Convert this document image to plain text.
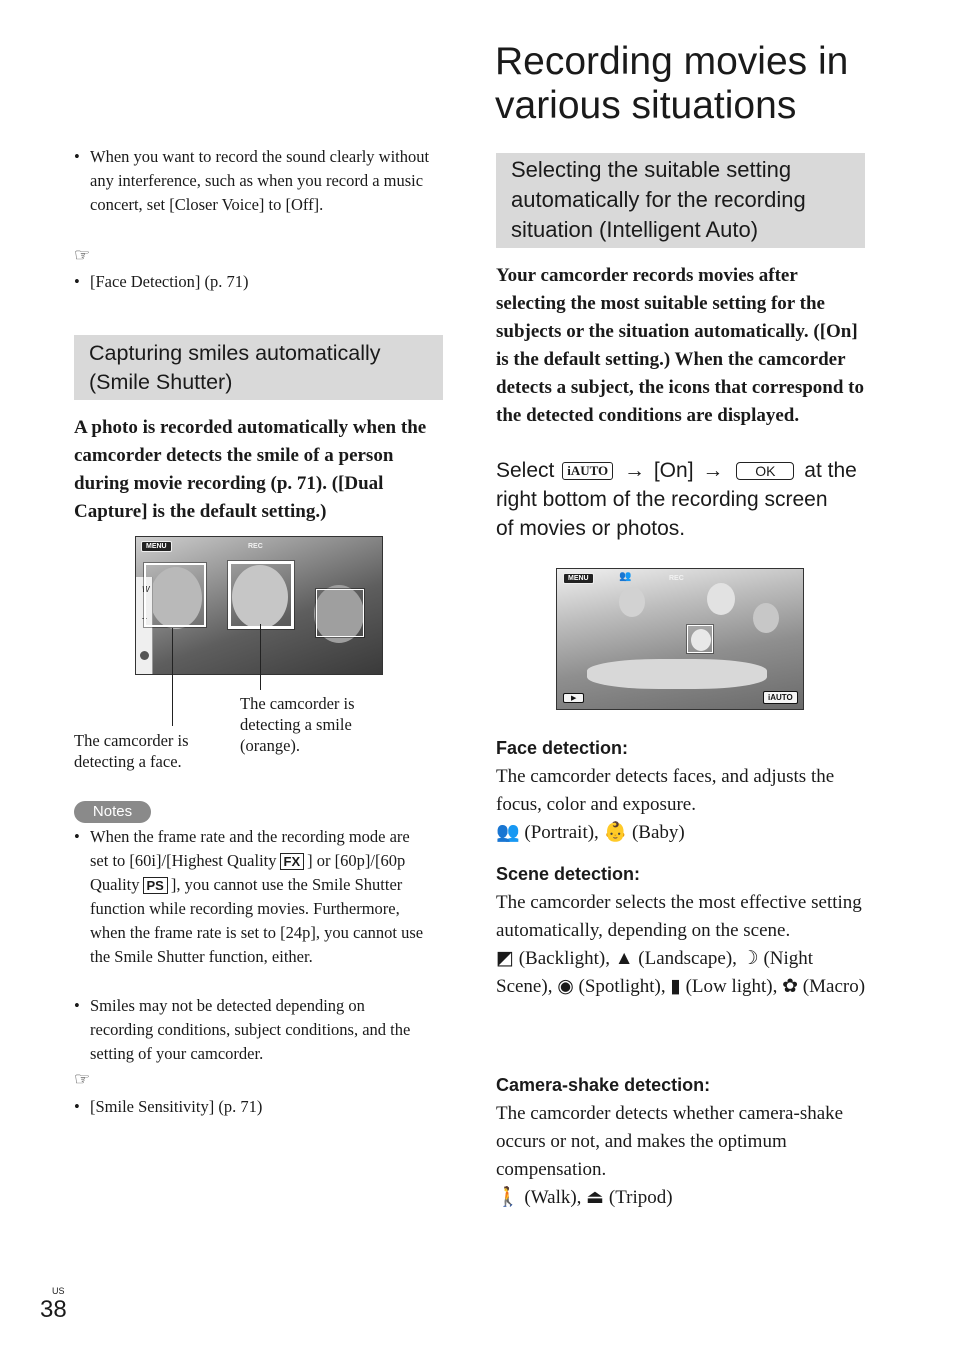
• When you want to record the sound clearly without any interference, such as when you record a music concert, set [Closer Voice] to [Off].
☞
• [Face Detection] (p. 71)
Capturing smiles automatically
(Smile Shutter)
A photo is recorded automatically when the camcorder detects the smile of a person during movie recording (p. 71). ([Dual Capture] is the default setting.)
W
T
MENU	REC
The camcorder is detecting a smile (orange).
The camcorder is detecting a face.
Notes
• When the frame rate and the recording mode are set to [60i]/[Highest Quality FX ] or [60p]/[60p Quality PS ], you cannot use the Smile Shutter function while recording movies. Furthermore, when the frame rate is set to [24p], you cannot use the Smile Shutter function, either.
• Smiles may not be detected depending on recording conditions, subject conditions, and the setting of your camcorder.
☞
• [Smile Sensitivity] (p. 71)
Recording movies in
various situations
Selecting the suitable setting
automatically for the recording
situation (Intelligent Auto)
Your camcorder records movies after selecting the most suitable setting for the subjects or the situation automatically. ([On] is the default setting.) When the camcorder detects a subject, the icons that correspond to the detected conditions are displayed.
Select iAUTO → [On] → OK at the
right bottom of the recording screen
of movies or photos.
MENU	👥	REC
▶	iAUTO
Face detection:
The camcorder detects faces, and adjusts the focus, color and exposure.
👥 (Portrait), 👶 (Baby)
Scene detection:
The camcorder selects the most effective setting automatically, depending on the scene.
◩ (Backlight), ▲ (Landscape), ☽ (Night Scene), ◉ (Spotlight), ▮ (Low light), ✿ (Macro)
Camera-shake detection:
The camcorder detects whether camera-shake occurs or not, and makes the optimum compensation.
🚶 (Walk), ⏏ (Tripod)
US
38
